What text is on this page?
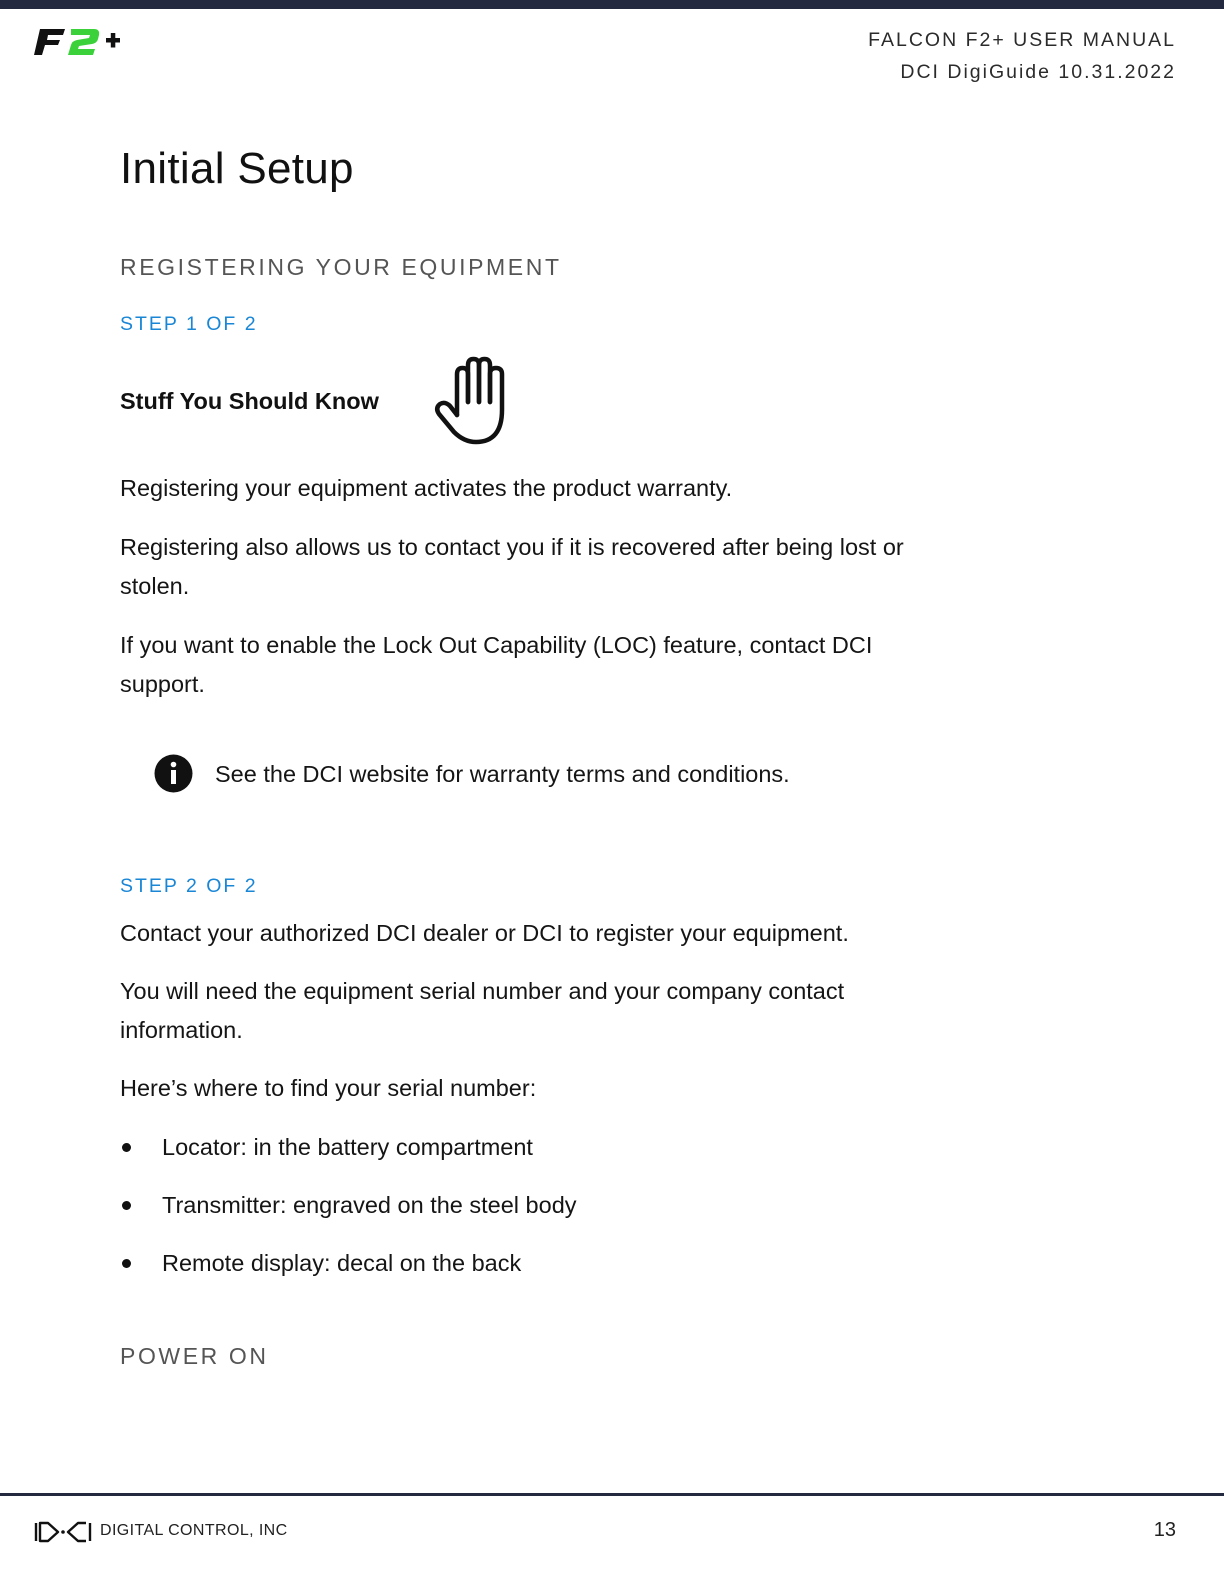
FALCON F2+ USER MANUAL
DCI DigiGuide 10.31.2022
Initial Setup
REGISTERING YOUR EQUIPMENT
STEP 1 OF 2
Stuff You Should Know

Registering your equipment activates the product warranty.

Registering also allows us to contact you if it is recovered after being lost or stolen.

If you want to enable the Lock Out Capability (LOC) feature, contact DCI support.

See the DCI website for warranty terms and conditions.

STEP 2 OF 2

Contact your authorized DCI dealer or DCI to register your equipment.

You will need the equipment serial number and your company contact information.

Here’s where to find your serial number:

Locator: in the battery compartment
Transmitter: engraved on the steel body
Remote display: decal on the back
POWER ON
DIGITAL CONTROL, INC	13
